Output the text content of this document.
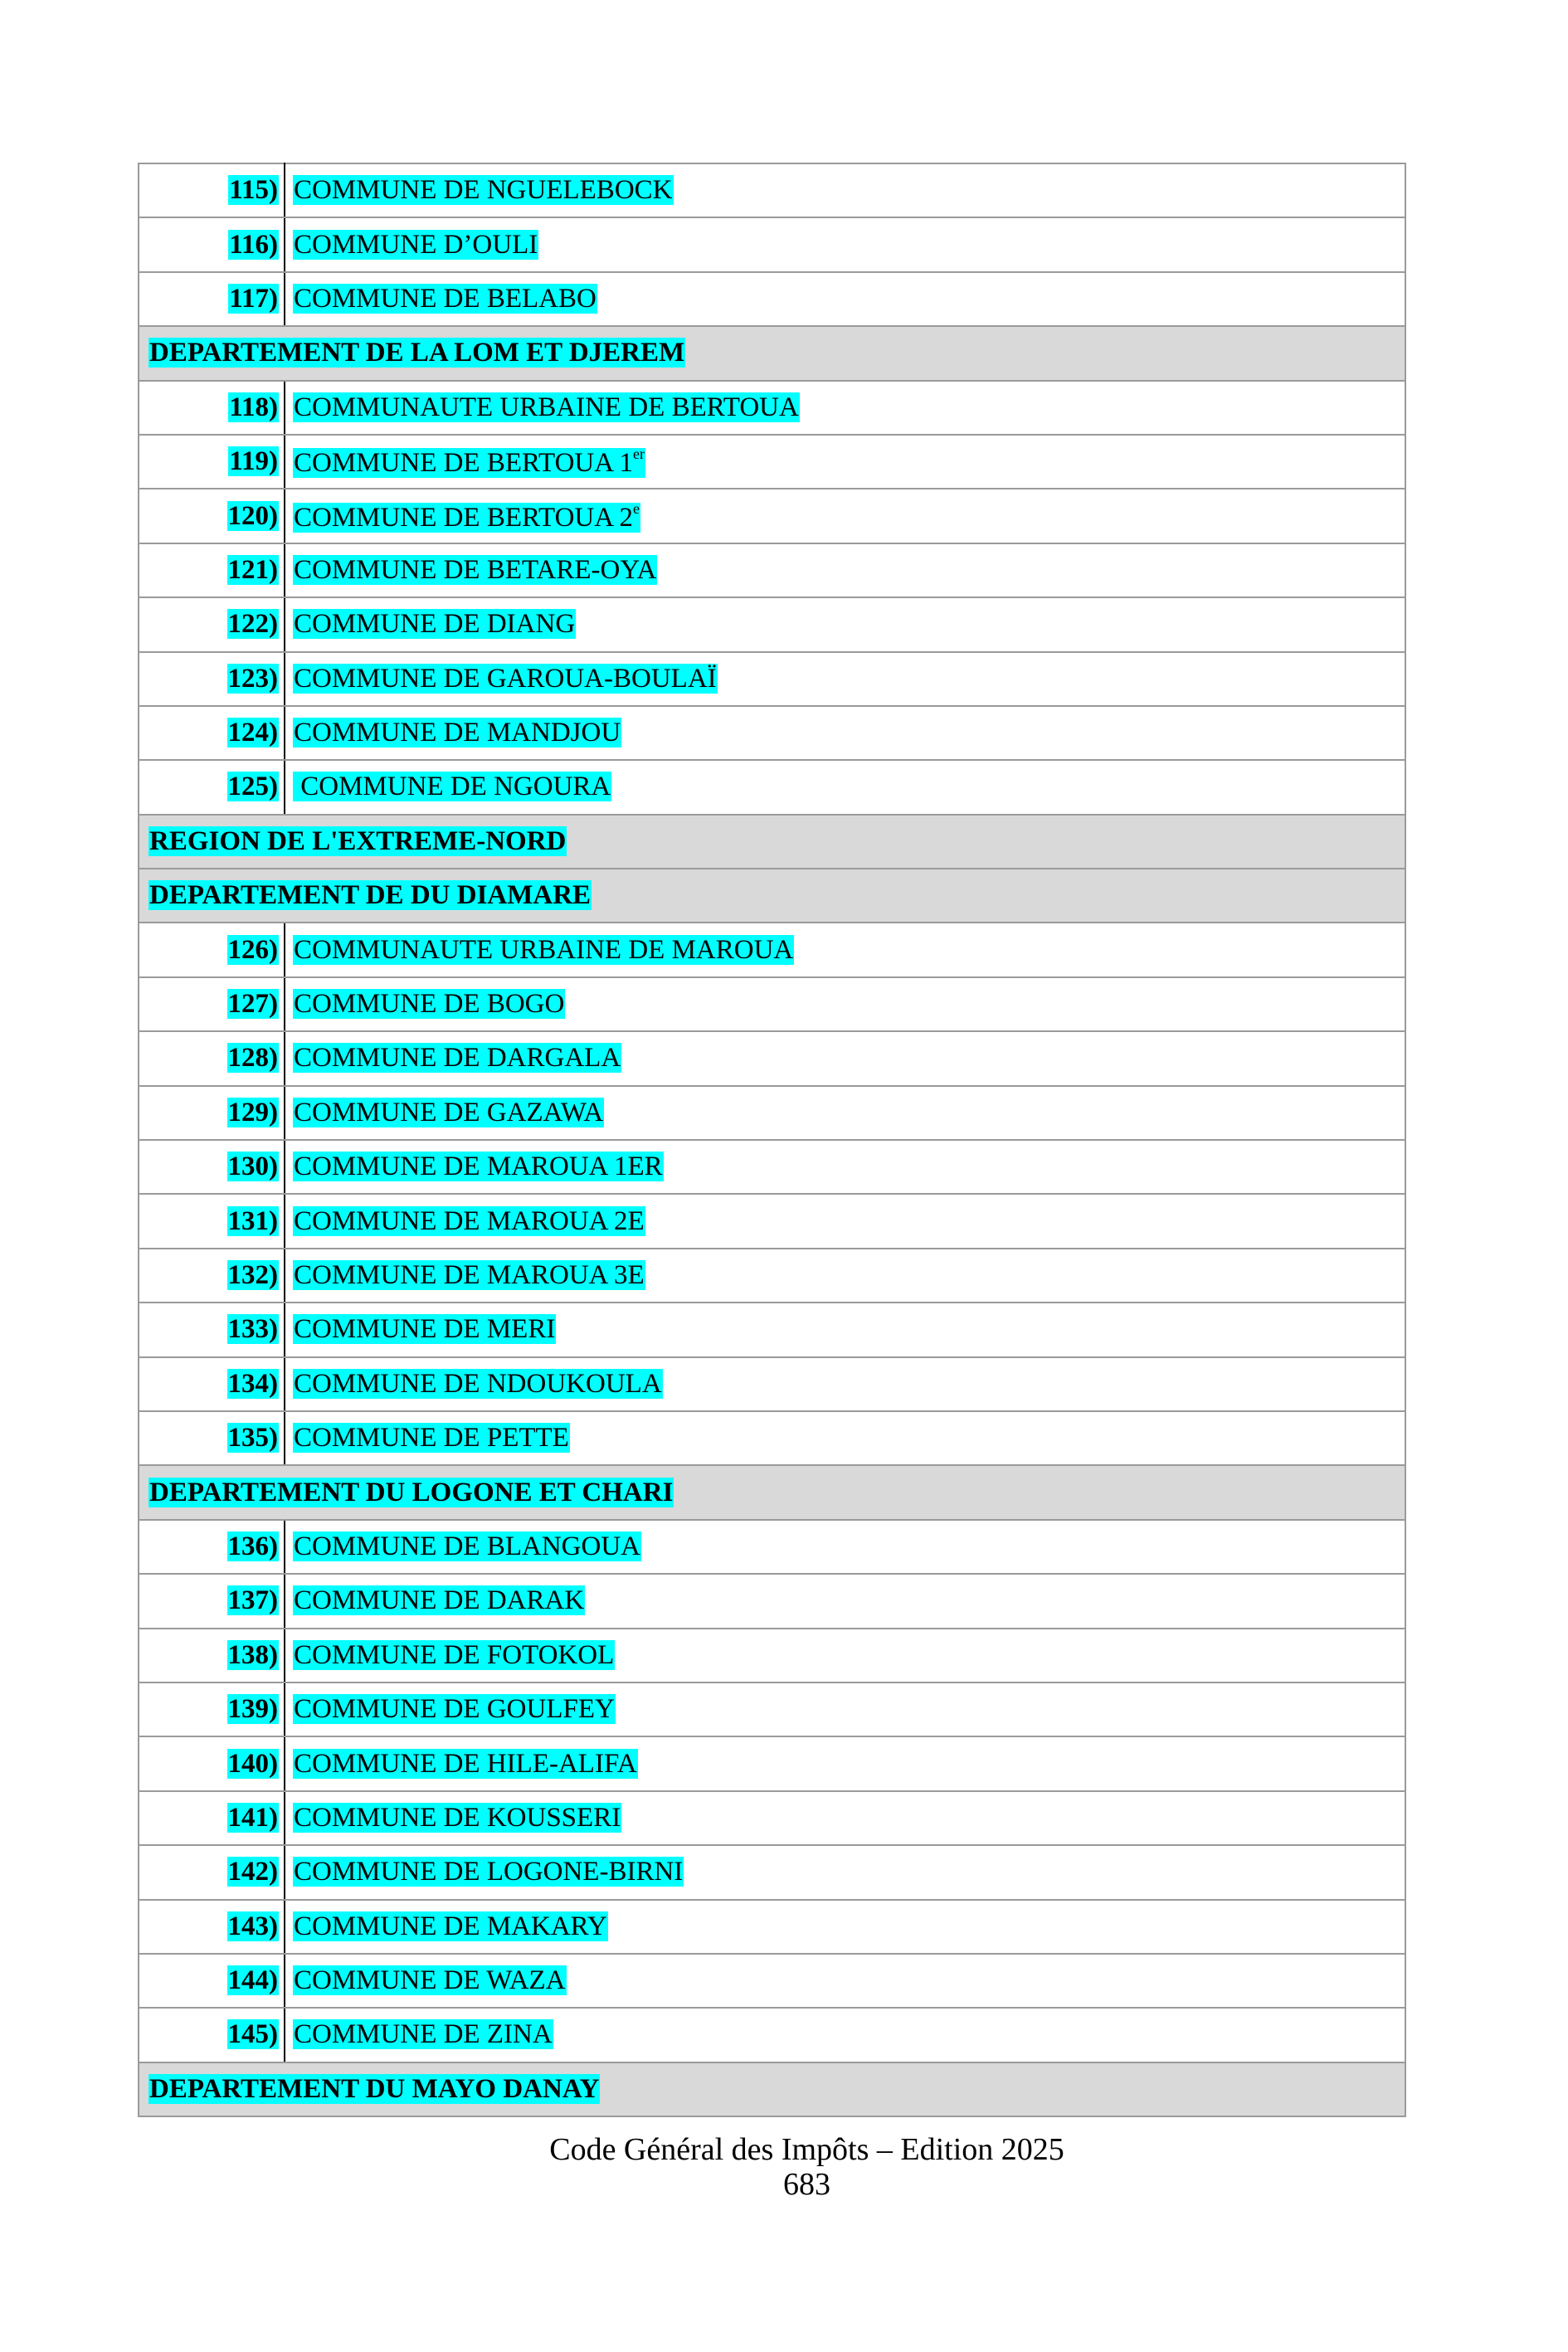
115)	COMMUNE DE NGUELEBOCK
116)	COMMUNE D’OULI
117)	COMMUNE DE BELABO
DEPARTEMENT DE LA LOM ET DJEREM	
118)	COMMUNAUTE URBAINE DE BERTOUA
119)	COMMUNE DE BERTOUA 1er
120)	COMMUNE DE BERTOUA 2e
121)	COMMUNE DE BETARE-OYA
122)	COMMUNE DE DIANG
123)	COMMUNE DE GAROUA-BOULAÏ
124)	COMMUNE DE MANDJOU
125)	COMMUNE DE NGOURA
REGION DE L'EXTREME-NORD	
DEPARTEMENT DE DU DIAMARE	
126)	COMMUNAUTE URBAINE DE MAROUA
127)	COMMUNE DE BOGO
128)	COMMUNE DE DARGALA
129)	COMMUNE DE GAZAWA
130)	COMMUNE DE MAROUA 1ER
131)	COMMUNE DE MAROUA 2E
132)	COMMUNE DE MAROUA 3E
133)	COMMUNE DE MERI
134)	COMMUNE DE NDOUKOULA
135)	COMMUNE DE PETTE
DEPARTEMENT DU LOGONE ET CHARI	
136)	COMMUNE DE BLANGOUA
137)	COMMUNE DE DARAK
138)	COMMUNE DE FOTOKOL
139)	COMMUNE DE GOULFEY
140)	COMMUNE DE HILE-ALIFA
141)	COMMUNE DE KOUSSERI
142)	COMMUNE DE LOGONE-BIRNI
143)	COMMUNE DE MAKARY
144)	COMMUNE DE WAZA
145)	COMMUNE DE ZINA
DEPARTEMENT DU MAYO DANAY	
Code Général des Impôts – Edition 2025
683
